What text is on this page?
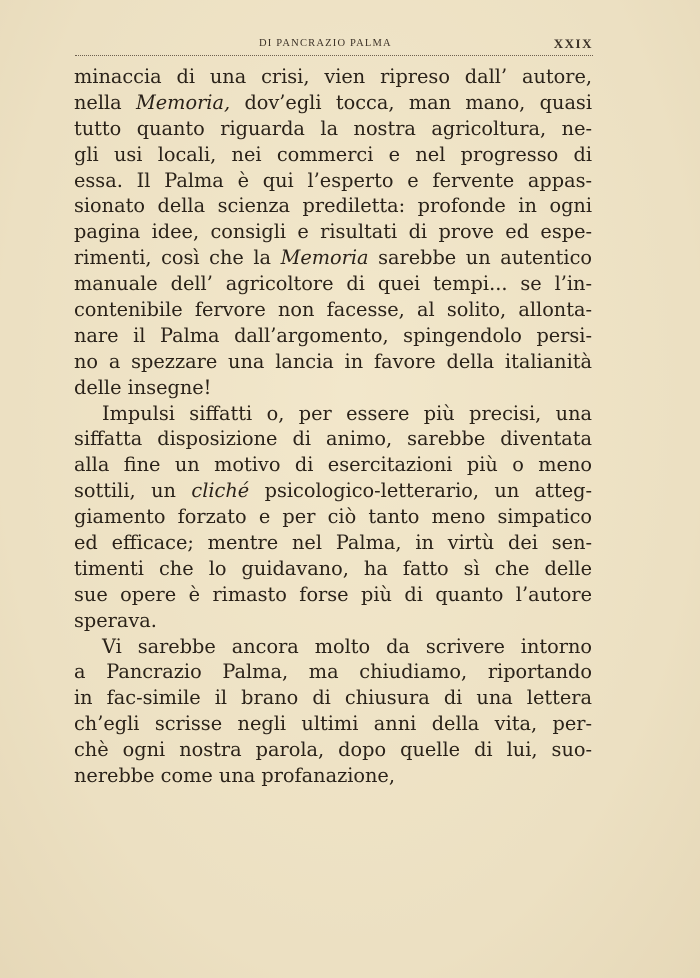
DI PANCRAZIO PALMA	XXIX
minaccia di una crisi, vien ripreso dall’ autore,
nella Memoria, dov’egli tocca, man mano, quasi
tutto quanto riguarda la nostra agricoltura, ne-
gli usi locali, nei commerci e nel progresso di
essa. Il Palma è qui l’esperto e fervente appas-
sionato della scienza prediletta: profonde in ogni
pagina idee, consigli e risultati di prove ed espe-
rimenti, così che la Memoria sarebbe un autentico
manuale dell’ agricoltore di quei tempi... se l’in-
contenibile fervore non facesse, al solito, allonta-
nare il Palma dall’argomento, spingendolo persi-
no a spezzare una lancia in favore della italianità
delle insegne!
Impulsi siffatti o, per essere più precisi, una
siffatta disposizione di animo, sarebbe diventata
alla fine un motivo di esercitazioni più o meno
sottili, un cliché psicologico-letterario, un atteg-
giamento forzato e per ciò tanto meno simpatico
ed efficace; mentre nel Palma, in virtù dei sen-
timenti che lo guidavano, ha fatto sì che delle
sue opere è rimasto forse più di quanto l’autore
sperava.
Vi sarebbe ancora molto da scrivere intorno
a Pancrazio Palma, ma chiudiamo, riportando
in fac-simile il brano di chiusura di una lettera
ch’egli scrisse negli ultimi anni della vita, per-
chè ogni nostra parola, dopo quelle di lui, suo-
nerebbe come una profanazione,
